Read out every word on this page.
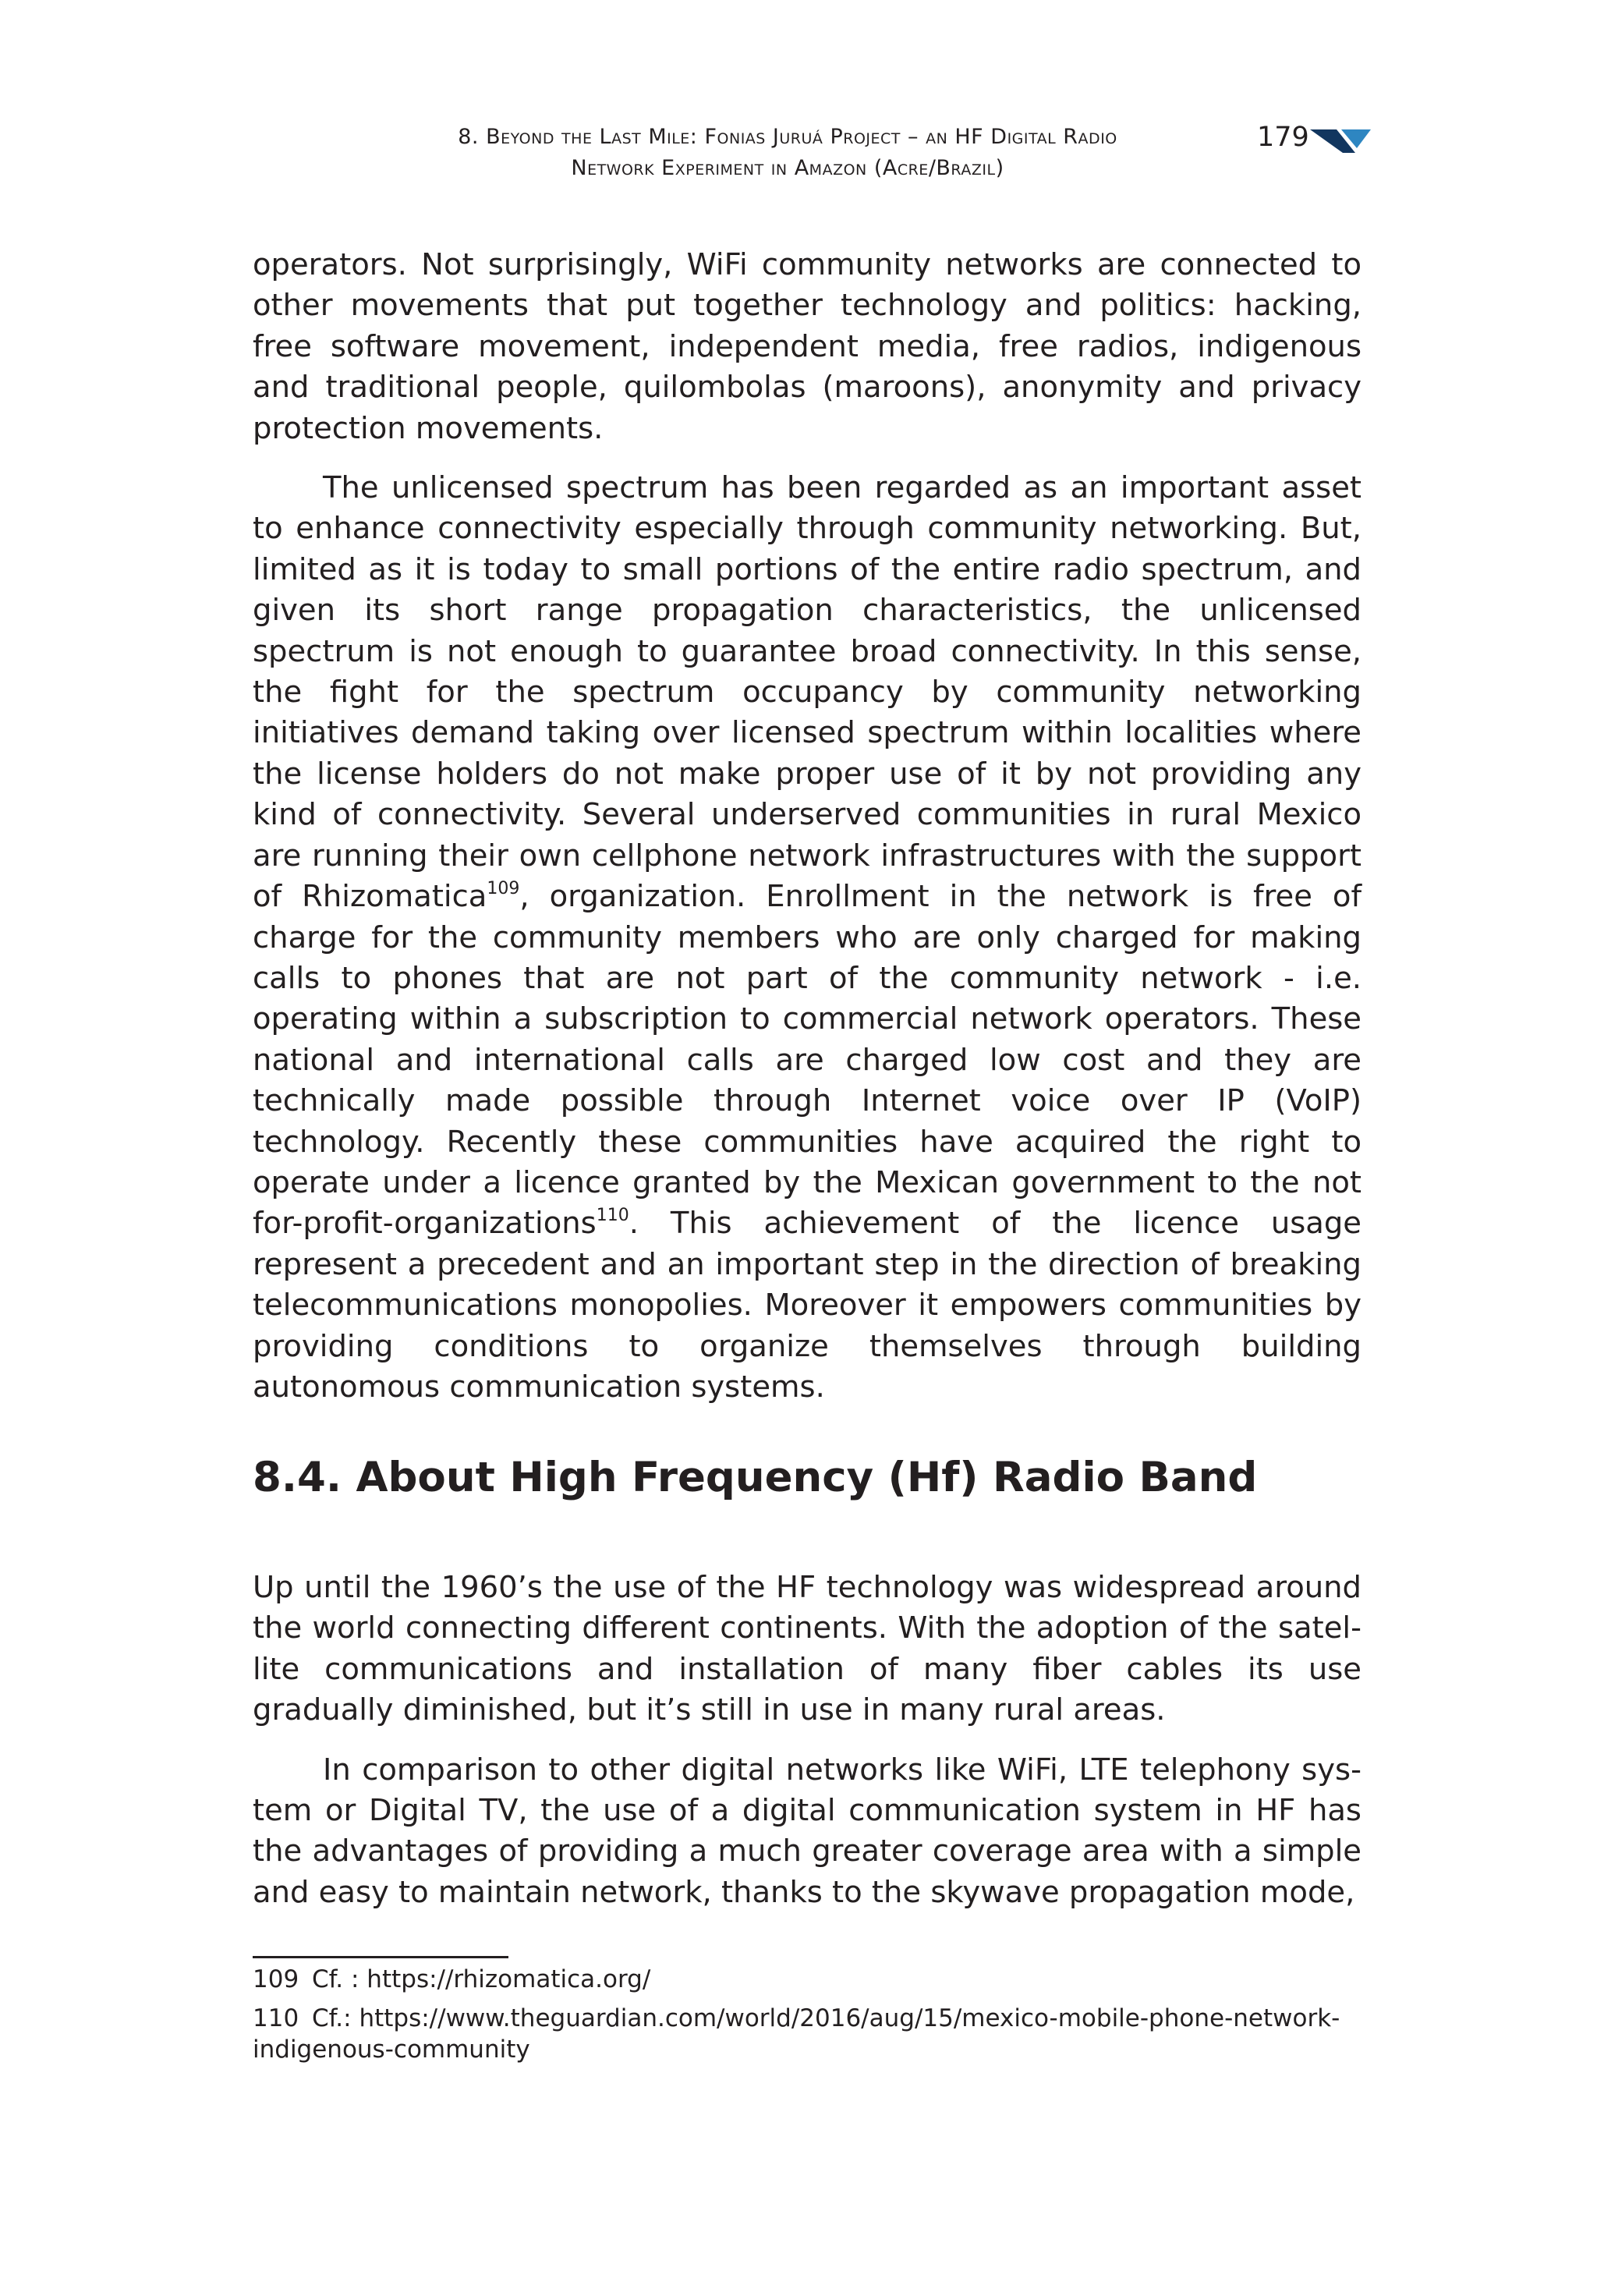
8. Beyond the Last Mile: Fonias Juruá Project – an HF Digital Radio
Network Experiment in Amazon (Acre/Brazil)
179

operators. Not surprisingly, WiFi community networks are connected to other movements that put together technology and politics: hacking, free software movement, independent media, free radios, indigenous and traditional people, quilombolas (maroons), anonymity and privacy protection movements.

The unlicensed spectrum has been regarded as an important asset to enhance connectivity especially through community networking. But, limited as it is today to small portions of the entire radio spectrum, and given its short range propagation characteristics, the unlicensed spectrum is not enough to guarantee broad connectivity. In this sense, the fight for the spectrum occupancy by community networking initiatives demand taking over licensed spectrum within localities where the license holders do not make proper use of it by not providing any kind of connectivity. Several underserved communities in rural Mexico are running their own cellphone network infrastructures with the support of Rhizomatica$^{109}$, organization. Enrollment in the network is free of charge for the community members who are only charged for making calls to phones that are not part of the community network - i.e. operating within a subscription to commercial network operators. These national and international calls are charged low cost and they are technically made possible through Internet voice over IP (VoIP) technology. Recently these communities have acquired the right to operate under a licence granted by the Mexican government to the not for-profit-organizations$^{110}$. This achievement of the licence usage represent a precedent and an important step in the direction of breaking telecommunications monopolies. Moreover it empowers communities by providing conditions to organize themselves through building autonomous communication systems.

8.4. About High Frequency (Hf) Radio Band

Up until the 1960’s the use of the HF technology was widespread around the world connecting different continents. With the adoption of the satellite communications and installation of many fiber cables its use gradually diminished, but it’s still in use in many rural areas.

In comparison to other digital networks like WiFi, LTE telephony system or Digital TV, the use of a digital communication system in HF has the advantages of providing a much greater coverage area with a simple and easy to maintain network, thanks to the skywave propagation mode,

109 Cf. : https://rhizomatica.org/

110 Cf.: https://www.theguardian.com/world/2016/aug/15/mexico-mobile-phone-network-indigenous-community
